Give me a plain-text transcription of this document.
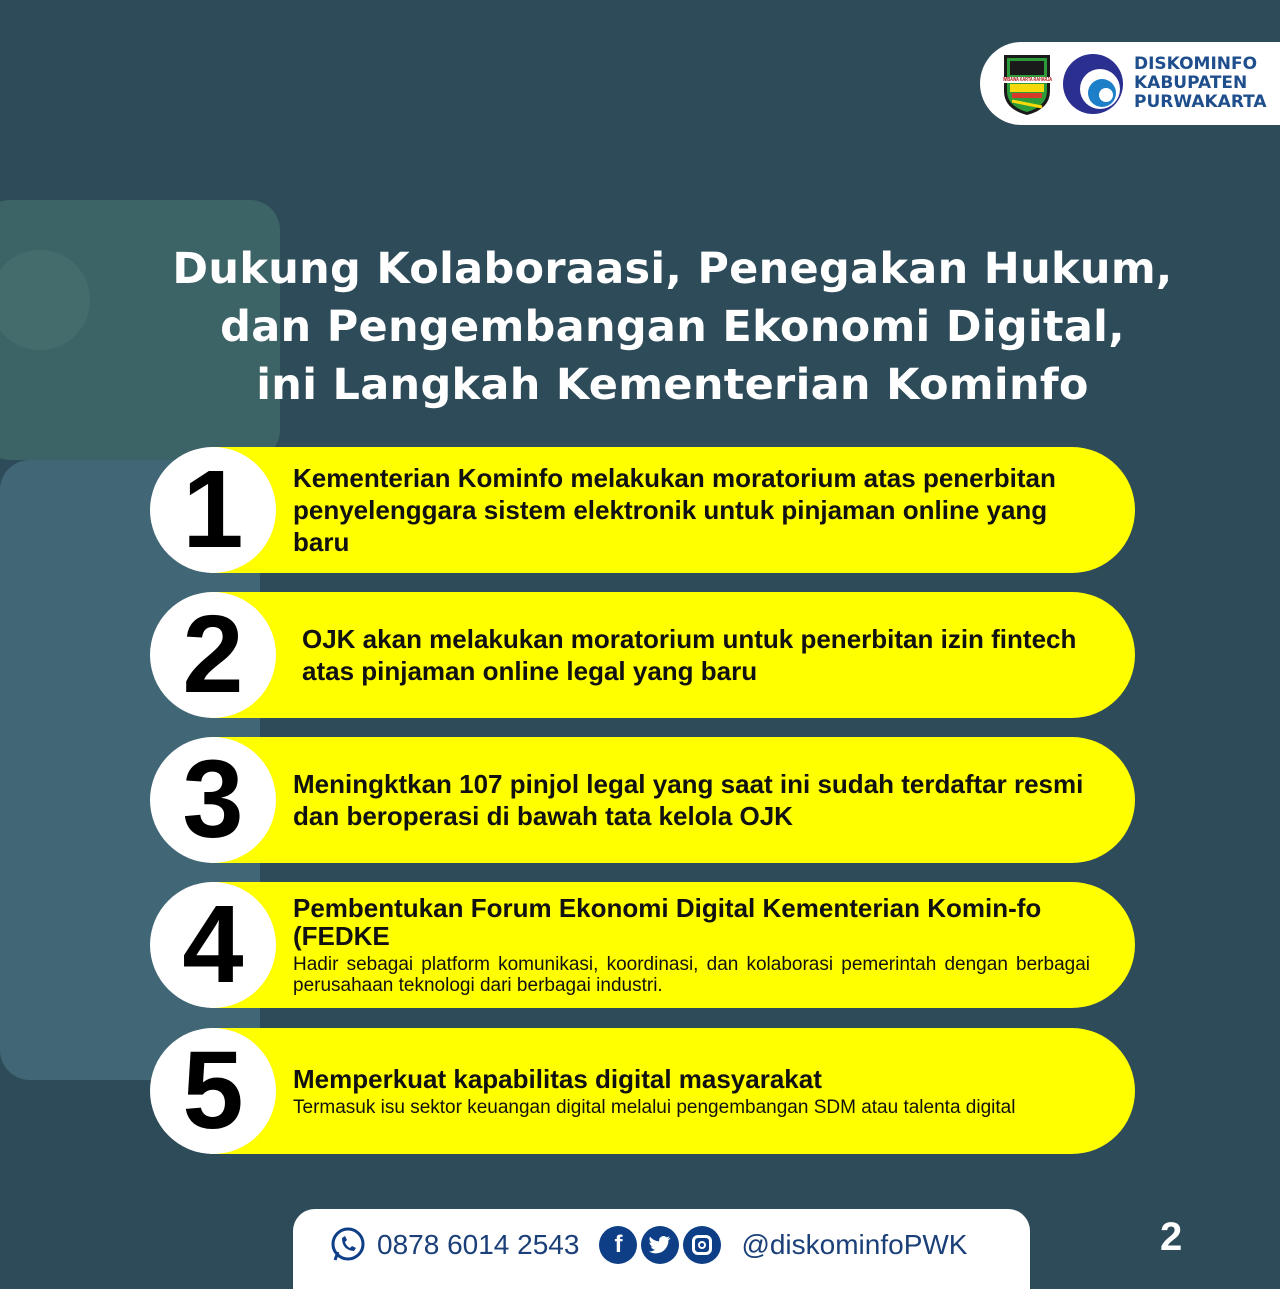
WIBAWA KARTA RAHARJA
DISKOMINFO
KABUPATEN
PURWAKARTA
Dukung Kolaboraasi, Penegakan Hukum,
dan Pengembangan Ekonomi Digital,
ini Langkah Kementerian Kominfo
1	Kementerian Kominfo melakukan moratorium atas penerbitan penyelenggara sistem elektronik untuk pinjaman online yang baru
2	OJK akan melakukan moratorium untuk penerbitan izin fintech atas pinjaman online legal yang baru
3	Meningktkan 107 pinjol legal yang saat ini sudah terdaftar resmi dan beroperasi di bawah tata kelola OJK
4	Pembentukan Forum Ekonomi Digital Kementerian Komin-fo (FEDKE
Hadir sebagai platform komunikasi, koordinasi, dan kolaborasi pemerintah dengan berbagai perusahaan teknologi dari berbagai industri.
5	Memperkuat kapabilitas digital masyarakat
Termasuk isu sektor keuangan digital melalui pengembangan SDM atau talenta digital
0878 6014 2543	f	@diskominfoPWK	2
